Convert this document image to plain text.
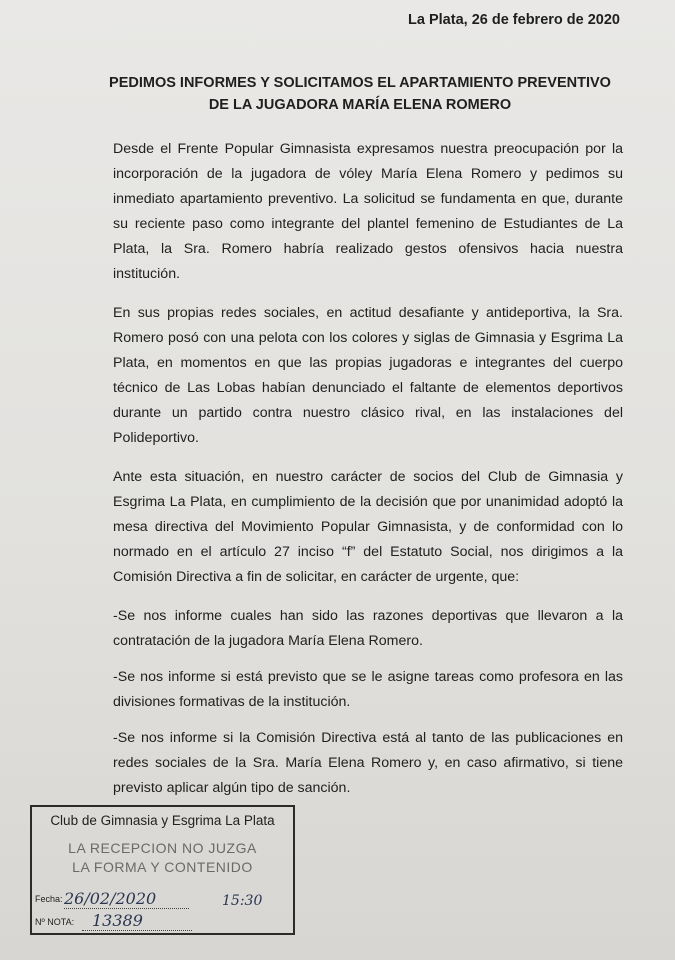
La Plata, 26 de febrero de 2020
PEDIMOS INFORMES Y SOLICITAMOS EL APARTAMIENTO PREVENTIVO
DE LA JUGADORA MARÍA ELENA ROMERO

Desde el Frente Popular Gimnasista expresamos nuestra preocupación por la incorporación de la jugadora de vóley María Elena Romero y pedimos su inmediato apartamiento preventivo. La solicitud se fundamenta en que, durante su reciente paso como integrante del plantel femenino de Estudiantes de La Plata, la Sra. Romero habría realizado gestos ofensivos hacia nuestra institución.

En sus propias redes sociales, en actitud desafiante y antideportiva, la Sra. Romero posó con una pelota con los colores y siglas de Gimnasia y Esgrima La Plata, en momentos en que las propias jugadoras e integrantes del cuerpo técnico de Las Lobas habían denunciado el faltante de elementos deportivos durante un partido contra nuestro clásico rival, en las instalaciones del Polideportivo.

Ante esta situación, en nuestro carácter de socios del Club de Gimnasia y Esgrima La Plata, en cumplimiento de la decisión que por unanimidad adoptó la mesa directiva del Movimiento Popular Gimnasista, y de conformidad con lo normado en el artículo 27 inciso “f” del Estatuto Social, nos dirigimos a la Comisión Directiva a fin de solicitar, en carácter de urgente, que:

-Se nos informe cuales han sido las razones deportivas que llevaron a la contratación de la jugadora María Elena Romero.

-Se nos informe si está previsto que se le asigne tareas como profesora en las divisiones formativas de la institución.

-Se nos informe si la Comisión Directiva está al tanto de las publicaciones en redes sociales de la Sra. María Elena Romero y, en caso afirmativo, si tiene previsto aplicar algún tipo de sanción.

Club de Gimnasia y Esgrima La Plata
LA RECEPCION NO JUZGA
LA FORMA Y CONTENIDO
Fecha: 26/02/2020	15:30
Nº NOTA: 13389
